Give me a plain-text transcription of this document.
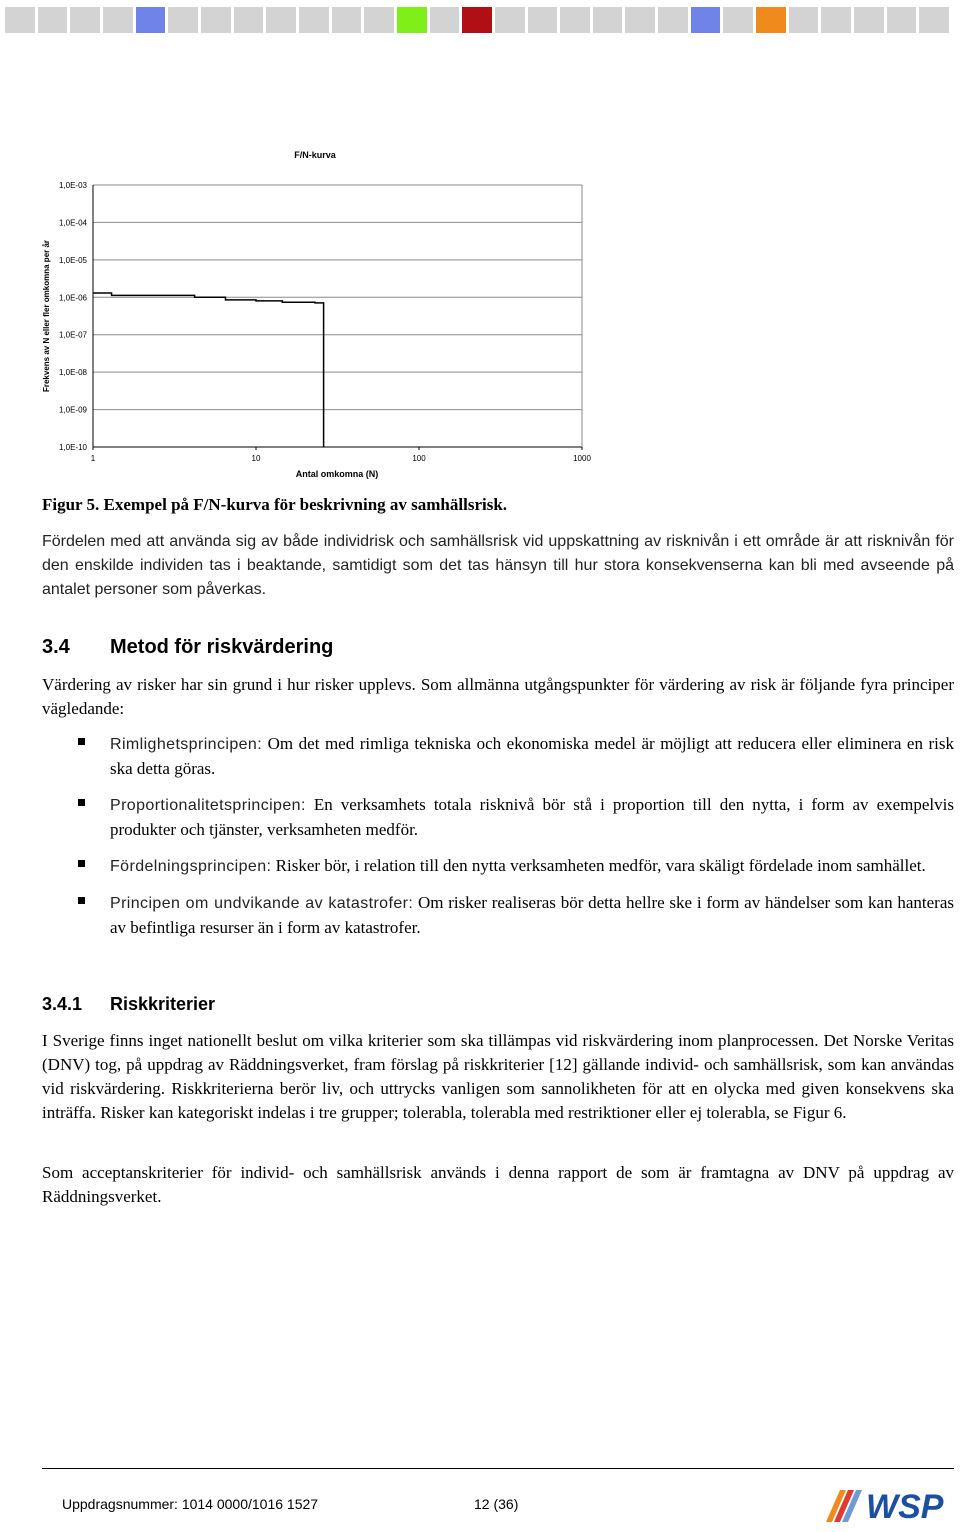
1,0E-03
1,0E-04
1,0E-05
1,0E-06
1,0E-07
1,0E-08
1,0E-09
1,0E-10
1	10	100	1000
F/N-kurva
Antal omkomna (N)
Frekvens av N eller fler omkomna per år
Figur 5. Exempel på F/N-kurva för beskrivning av samhällsrisk.

Fördelen med att använda sig av både individrisk och samhällsrisk vid uppskattning av risknivån i ett område är att risknivån för den enskilde individen tas i beaktande, samtidigt som det tas hänsyn till hur stora konsekvenserna kan bli med avseende på antalet personer som påverkas.

3.4 Metod för riskvärdering

Värdering av risker har sin grund i hur risker upplevs. Som allmänna utgångspunkter för värdering av risk är följande fyra principer vägledande:

Rimlighetsprincipen: Om det med rimliga tekniska och ekonomiska medel är möjligt att reducera eller eliminera en risk ska detta göras.
Proportionalitetsprincipen: En verksamhets totala risknivå bör stå i proportion till den nytta, i form av exempelvis produkter och tjänster, verksamheten medför.
Fördelningsprincipen: Risker bör, i relation till den nytta verksamheten medför, vara skäligt fördelade inom samhället.
Principen om undvikande av katastrofer: Om risker realiseras bör detta hellre ske i form av händelser som kan hanteras av befintliga resurser än i form av katastrofer.
3.4.1 Riskkriterier

I Sverige finns inget nationellt beslut om vilka kriterier som ska tillämpas vid riskvärdering inom planprocessen. Det Norske Veritas (DNV) tog, på uppdrag av Räddningsverket, fram förslag på riskkriterier [12] gällande individ- och samhällsrisk, som kan användas vid riskvärdering. Riskkriterierna berör liv, och uttrycks vanligen som sannolikheten för att en olycka med given konsekvens ska inträffa. Risker kan kategoriskt indelas i tre grupper; tolerabla, tolerabla med restriktioner eller ej tolerabla, se Figur 6.

Som acceptanskriterier för individ- och samhällsrisk används i denna rapport de som är framtagna av DNV på uppdrag av Räddningsverket.

Uppdragsnummer: 1014 0000/1016 1527	12 (36)	WSP
